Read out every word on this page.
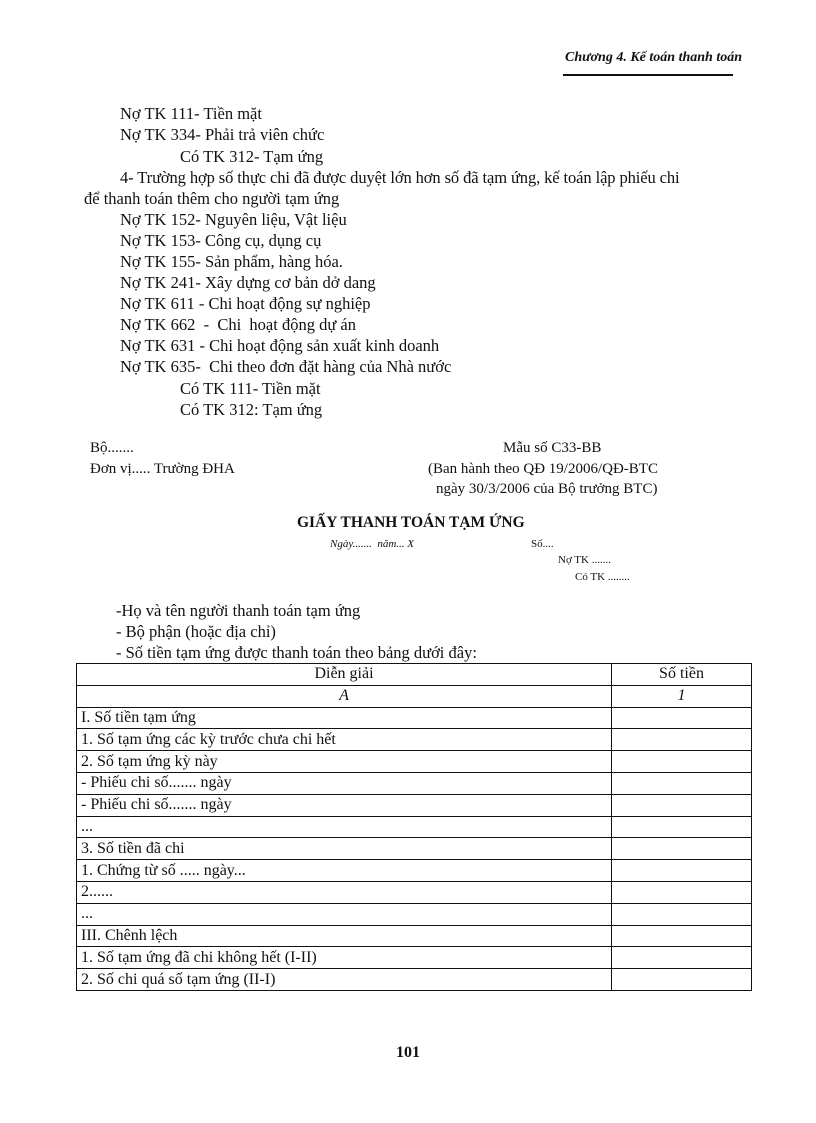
Chương 4. Kế toán thanh toán
Nợ TK 111- Tiền mặt
Nợ TK 334- Phải trả viên chức
Có TK 312- Tạm ứng
4- Trường hợp số thực chi đã được duyệt lớn hơn số đã tạm ứng, kế toán lập phiếu chi
để thanh toán thêm cho người tạm ứng
Nợ TK 152- Nguyên liệu, Vật liệu
Nợ TK 153- Công cụ, dụng cụ
Nợ TK 155- Sản phẩm, hàng hóa.
Nợ TK 241- Xây dựng cơ bản dở dang
Nợ TK 611 - Chi hoạt động sự nghiệp
Nợ TK 662  -  Chi  hoạt động dự án
Nợ TK 631 - Chi hoạt động sản xuất kinh doanh
Nợ TK 635-  Chi theo đơn đặt hàng của Nhà nước
Có TK 111- Tiền mặt
Có TK 312: Tạm ứng
Bộ.......
Đơn vị..... Trường ĐHA
Mẫu số C33-BB
(Ban hành theo QĐ 19/2006/QĐ-BTC
ngày 30/3/2006 của Bộ trưởng BTC)
GIẤY THANH TOÁN TẠM ỨNG
Ngày.......  năm... X	Số....
Nợ TK .......
Có TK ........
-Họ và tên người thanh toán tạm ứng
- Bộ phận (hoặc địa chỉ)
- Số tiền tạm ứng được thanh toán theo bảng dưới đây:
Diễn giải	Số tiền
A	1
I. Số tiền tạm ứng	
1. Số tạm ứng các kỳ trước chưa chi hết	
2. Số tạm ứng kỳ này	
- Phiếu chi số....... ngày	
- Phiếu chi số....... ngày	
...	
3. Số tiền đã chi	
1. Chứng từ số ..... ngày...	
2......	
...	
III. Chênh lệch	
1. Số tạm ứng đã chi không hết (I-II)	
2. Số chi quá số tạm ứng (II-I)	
101
